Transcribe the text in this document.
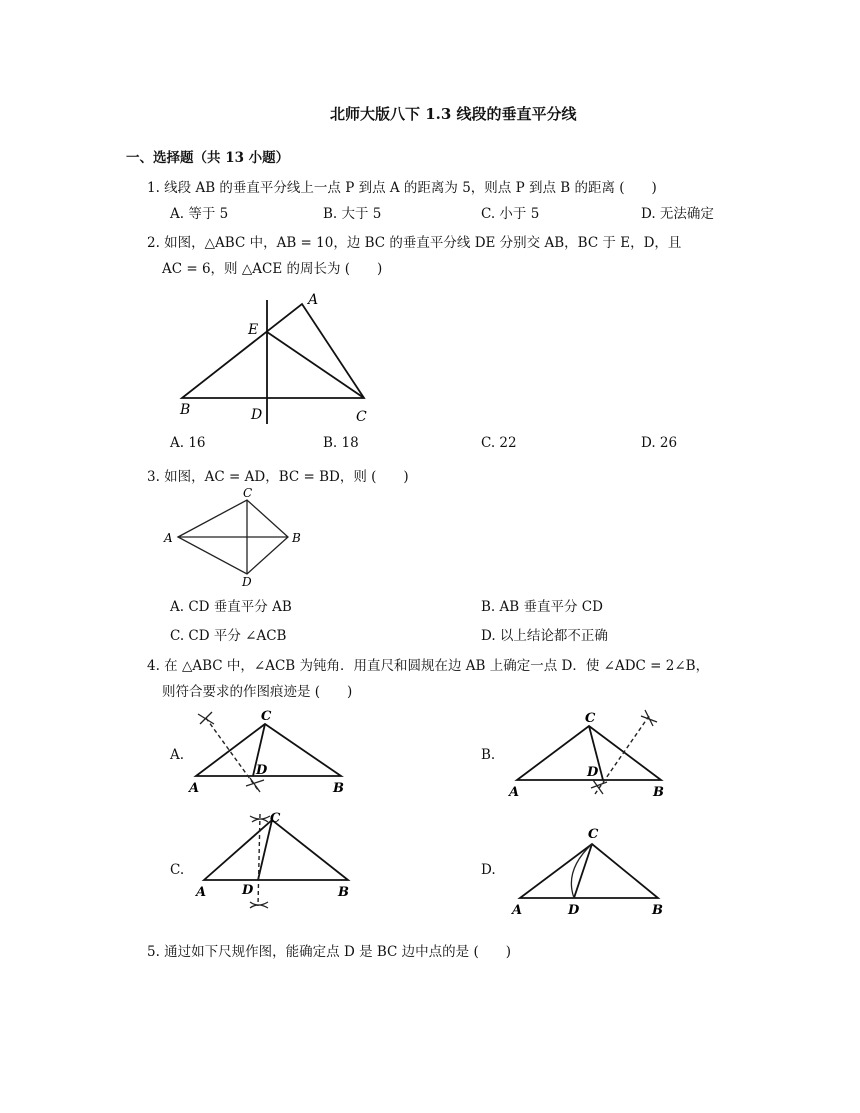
北师大版八下 1.3 线段的垂直平分线
一、选择题（共 13 小题）
1. 线段 AB 的垂直平分线上一点 P 到点 A 的距离为 5，则点 P 到点 B 的距离 (　　)
A. 等于 5	B. 大于 5	C. 小于 5	D. 无法确定
2. 如图，△ABC 中，AB = 10，边 BC 的垂直平分线 DE 分别交 AB，BC 于 E，D，且
AC = 6，则 △ACE 的周长为 (　　)
A
B	C
D
E
A. 16	B. 18	C. 22	D. 26
3. 如图，AC = AD，BC = BD，则 (　　)
A	B
C
D
A. CD 垂直平分 AB	B. AB 垂直平分 CD
C. CD 平分 ∠ACB	D. 以上结论都不正确
4. 在 △ABC 中，∠ACB 为钝角．用直尺和圆规在边 AB 上确定一点 D．使 ∠ADC = 2∠B，
则符合要求的作图痕迹是 (　　)
A.
C
D
A	B
B.
C
D
A	B
C.
C
D
A	B
D.
C
D
A	B
5. 通过如下尺规作图，能确定点 D 是 BC 边中点的是 (　　)
